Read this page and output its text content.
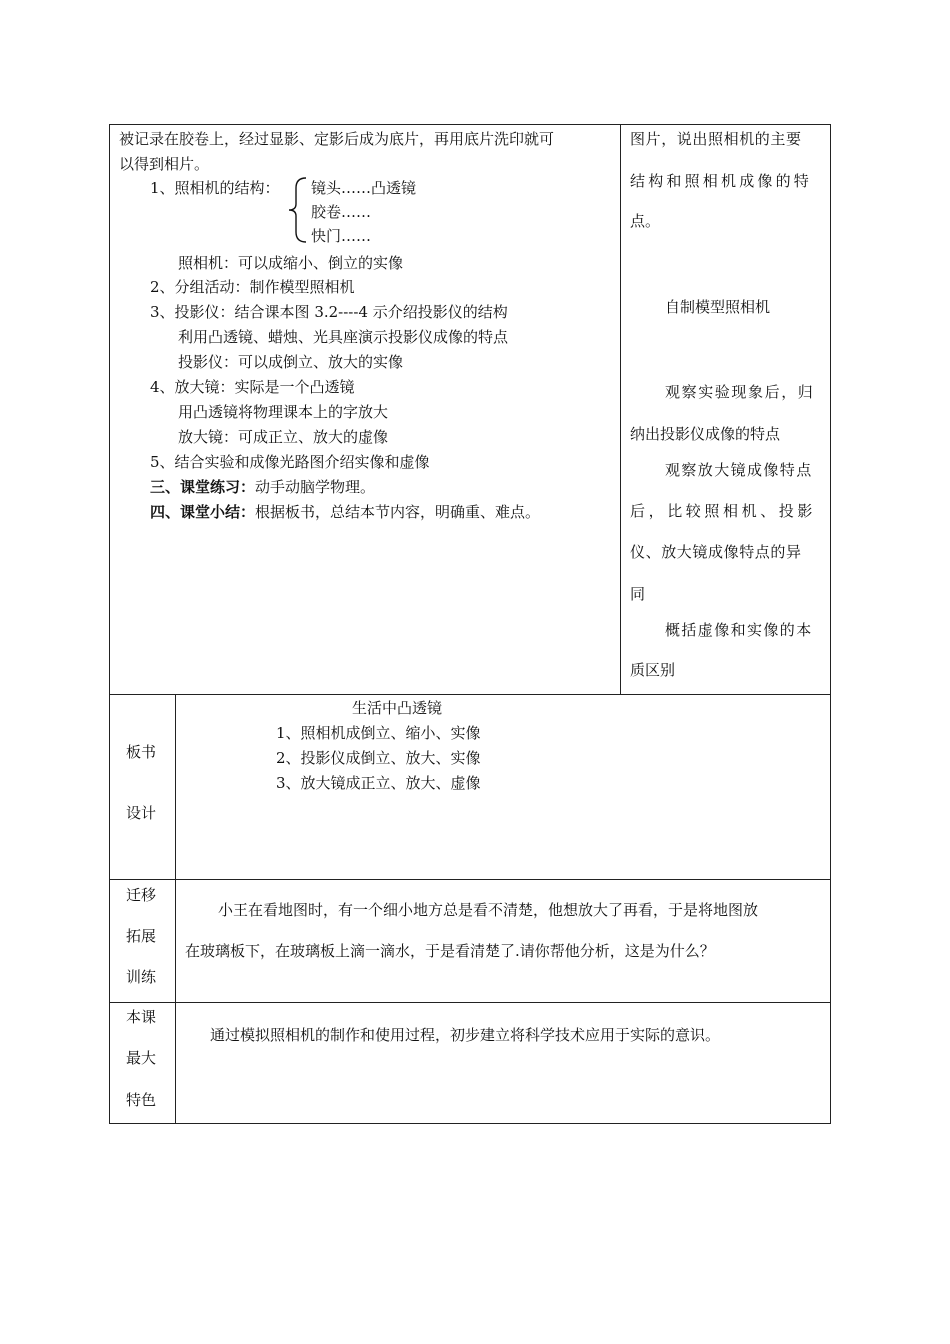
被记录在胶卷上，经过显影、定影后成为底片，再用底片洗印就可
以得到相片。
1、照相机的结构： 镜头……凸透镜
胶卷……
快门……
照相机：可以成缩小、倒立的实像
2、分组活动：制作模型照相机
3、投影仪：结合课本图 3.2----4 示介绍投影仪的结构
利用凸透镜、蜡烛、光具座演示投影仪成像的特点
投影仪：可以成倒立、放大的实像
4、放大镜：实际是一个凸透镜
用凸透镜将物理课本上的字放大
放大镜：可成正立、放大的虚像
5、结合实验和成像光路图介绍实像和虚像
三、课堂练习：动手动脑学物理。
四、课堂小结：根据板书，总结本节内容，明确重、难点。
图片，说出照相机的主要
结构和照相机成像的特
点。
自制模型照相机
观察实验现象后，归
纳出投影仪成像的特点
观察放大镜成像特点
后，比较照相机、投影
仪、放大镜成像特点的异
同
概括虚像和实像的本
质区别
板书
设计
生活中凸透镜
1、照相机成倒立、缩小、实像
2、投影仪成倒立、放大、实像
3、放大镜成正立、放大、虚像
迁移
拓展
训练
小王在看地图时，有一个细小地方总是看不清楚，他想放大了再看，于是将地图放
在玻璃板下，在玻璃板上滴一滴水，于是看清楚了.请你帮他分析，这是为什么？
本课
最大
特色
通过模拟照相机的制作和使用过程，初步建立将科学技术应用于实际的意识。
